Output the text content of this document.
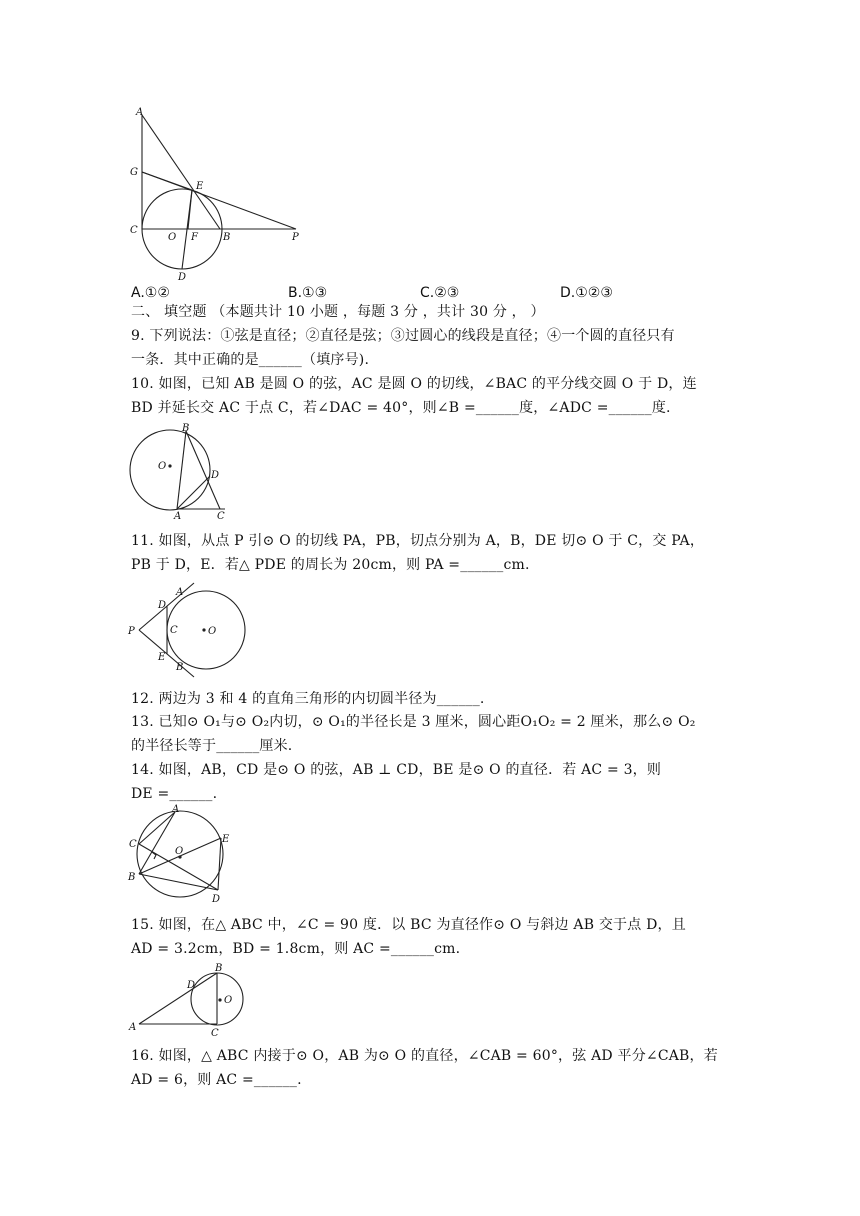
A
G
E
C
O F	B	P
D
A.①②	B.①③	C.②③	D.①②③
二、 填空题 （本题共计 10 小题 ，每题 3 分 ，共计 30 分 ， ）
9. 下列说法：①弦是直径；②直径是弦；③过圆心的线段是直径；④一个圆的直径只有
一条．其中正确的是______（填序号).
10. 如图，已知 AB 是圆 O 的弦，AC 是圆 O 的切线，∠BAC 的平分线交圆 O 于 D，连
BD 并延长交 AC 于点 C，若∠DAC = 40°，则∠B =______度，∠ADC =______度.
B
O
D
A	C
11. 如图，从点 P 引⊙ O 的切线 PA，PB，切点分别为 A，B，DE 切⊙ O 于 C，交 PA，
PB 于 D，E．若△ PDE 的周长为 20cm，则 PA =______cm.
A
D
P	C	O
E
B
12. 两边为 3 和 4 的直角三角形的内切圆半径为______.
13. 已知⊙ O₁与⊙ O₂内切，⊙ O₁的半径长是 3 厘米，圆心距O₁O₂ = 2 厘米，那么⊙ O₂
的半径长等于______厘米.
14. 如图，AB，CD 是⊙ O 的弦，AB ⊥ CD，BE 是⊙ O 的直径．若 AC = 3，则
DE =______.
A
C
O
E
B
D
15. 如图，在△ ABC 中，∠C = 90 度．以 BC 为直径作⊙ O 与斜边 AB 交于点 D，且
AD = 3.2cm，BD = 1.8cm，则 AC =______cm.
B
D
O
A
C
16. 如图，△ ABC 内接于⊙ O，AB 为⊙ O 的直径，∠CAB = 60°，弦 AD 平分∠CAB，若
AD = 6，则 AC =______.
